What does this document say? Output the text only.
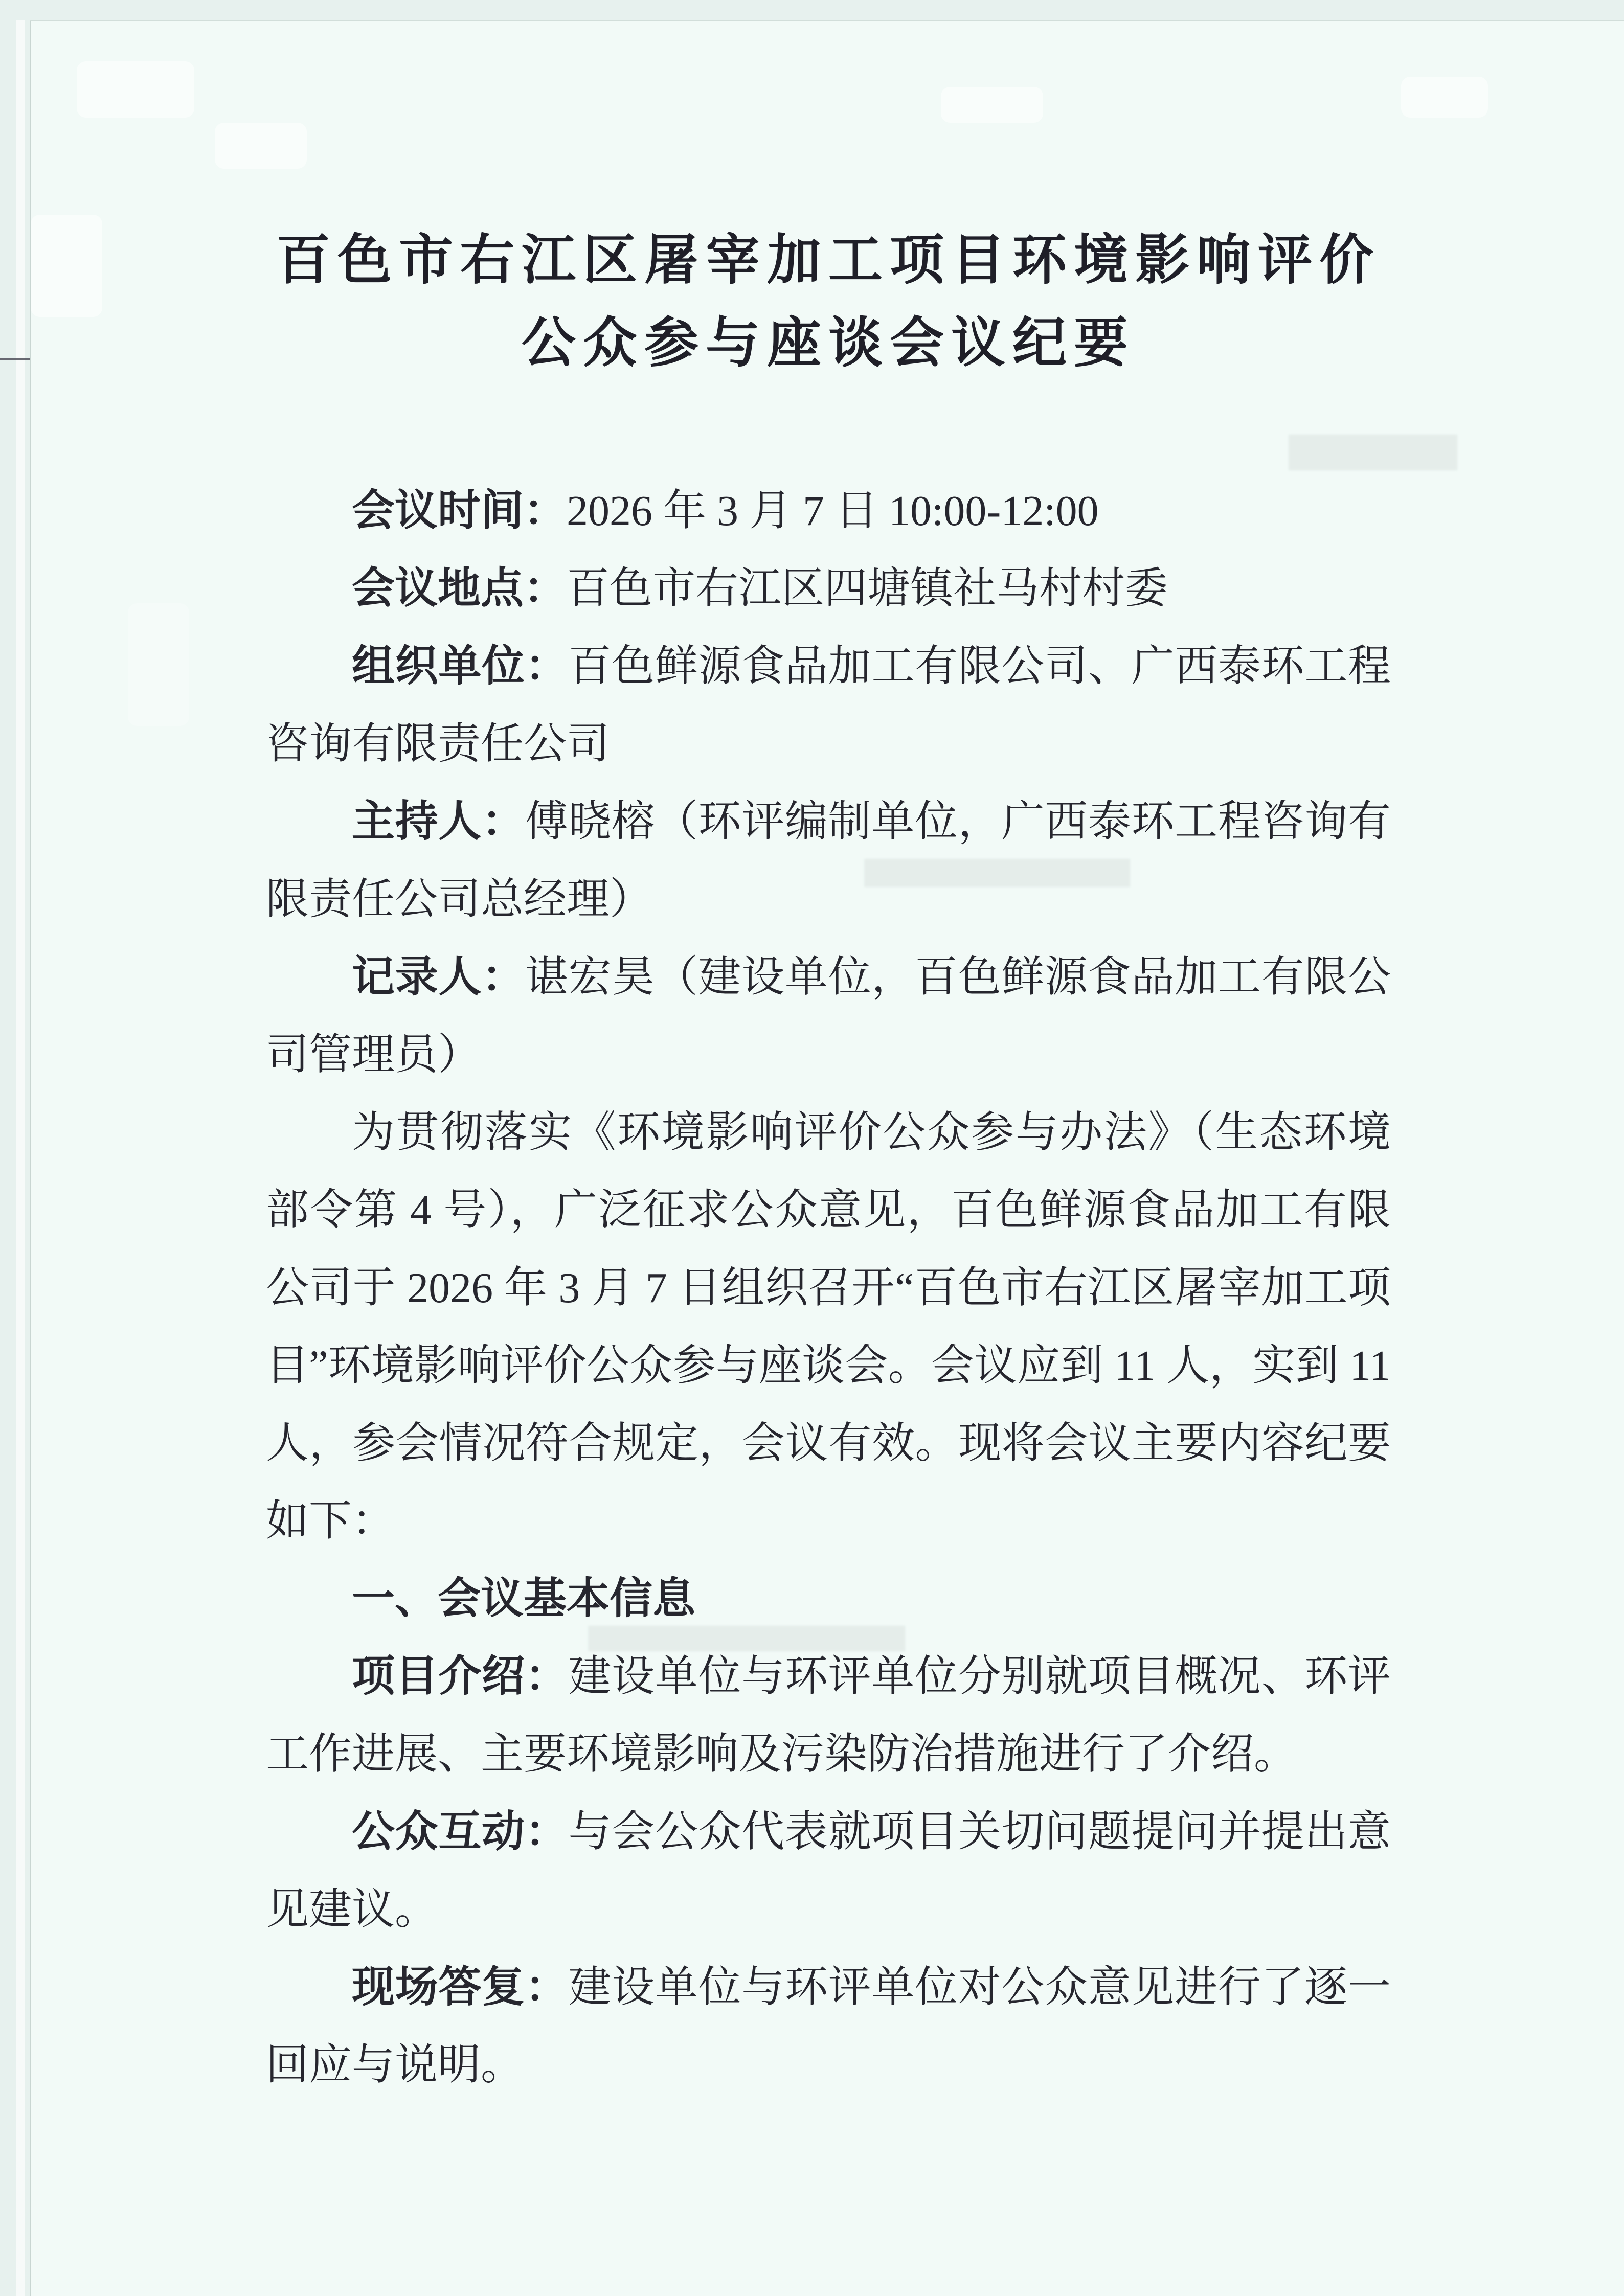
百色市右江区屠宰加工项目环境影响评价
公众参与座谈会议纪要

会议时间：2026 年 3 月 7 日 10:00-12:00

会议地点：百色市右江区四塘镇社马村村委

组织单位：百色鲜源食品加工有限公司、广西泰环工程咨询有限责任公司

主持人：傅晓榕（环评编制单位，广西泰环工程咨询有限责任公司总经理）

记录人：谌宏昊（建设单位，百色鲜源食品加工有限公司管理员）

为贯彻落实《环境影响评价公众参与办法》（生态环境部令第 4 号），广泛征求公众意见，百色鲜源食品加工有限公司于 2026 年 3 月 7 日组织召开“百色市右江区屠宰加工项目”环境影响评价公众参与座谈会。会议应到 11 人，实到 11 人，参会情况符合规定，会议有效。现将会议主要内容纪要如下：

一、会议基本信息

项目介绍：建设单位与环评单位分别就项目概况、环评工作进展、主要环境影响及污染防治措施进行了介绍。

公众互动：与会公众代表就项目关切问题提问并提出意见建议。

现场答复：建设单位与环评单位对公众意见进行了逐一回应与说明。
